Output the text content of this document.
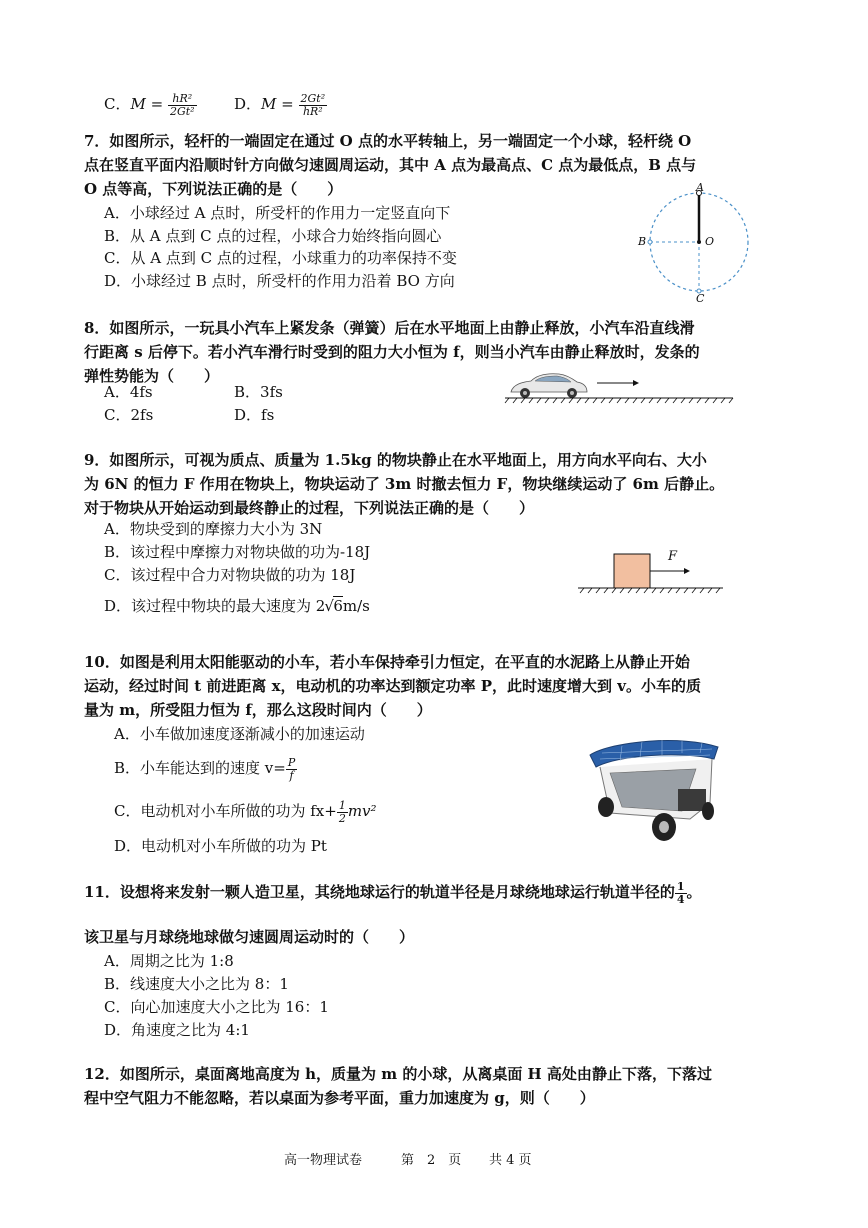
C．$M = \frac{\text{hR²}}{\text{2Gt²}}$ D．$M = \frac{\text{2Gt²}}{\text{hR²}}$
7．如图所示，轻杆的一端固定在通过 O 点的水平转轴上，另一端固定一个小球，轻杆绕 O
点在竖直平面内沿顺时针方向做匀速圆周运动，其中 A 点为最高点、C 点为最低点，B 点与
O 点等高，下列说法正确的是（　　）
A．小球经过 A 点时，所受杆的作用力一定竖直向下
B．从 A 点到 C 点的过程，小球合力始终指向圆心
C．从 A 点到 C 点的过程，小球重力的功率保持不变
D．小球经过 B 点时，所受杆的作用力沿着 BO 方向
A
B	O
C
8．如图所示，一玩具小汽车上紧发条（弹簧）后在水平地面上由静止释放，小汽车沿直线滑
行距离 s 后停下。若小汽车滑行时受到的阻力大小恒为 f，则当小汽车由静止释放时，发条的
弹性势能为（　　）
A．4fs	B．3fs
C．2fs	D．fs
9．如图所示，可视为质点、质量为 1.5kg 的物块静止在水平地面上，用方向水平向右、大小
为 6N 的恒力 F 作用在物块上，物块运动了 3m 时撤去恒力 F，物块继续运动了 6m 后静止。
对于物块从开始运动到最终静止的过程，下列说法正确的是（　　）
A．物块受到的摩擦力大小为 3N
B．该过程中摩擦力对物块做的功为-18J
C．该过程中合力对物块做的功为 18J
D．该过程中物块的最大速度为 2 √ 6m/s
F
10．如图是利用太阳能驱动的小车，若小车保持牵引力恒定，在平直的水泥路上从静止开始
运动，经过时间 t 前进距离 x，电动机的功率达到额定功率 P，此时速度增大到 v。小车的质
量为 m，所受阻力恒为 f，那么这段时间内（　　）
A．小车做加速度逐渐减小的加速运动
B．小车能达到的速度 $v= \frac{P}{f}$
C．电动机对小车所做的功为 $fx+ \frac{1}{2} mv^2$
D．电动机对小车所做的功为 Pt
11．设想将来发射一颗人造卫星，其绕地球运行的轨道半径是月球绕地球运行轨道半径的 $\frac{1}{4}$ 。
该卫星与月球绕地球做匀速圆周运动时的（　　）
A．周期之比为 1:8
B．线速度大小之比为 8：1
C．向心加速度大小之比为 16：1
D．角速度之比为 4:1
12．如图所示，桌面离地高度为 h，质量为 m 的小球，从离桌面 H 高处由静止下落，下落过
程中空气阻力不能忽略，若以桌面为参考平面，重力加速度为 g，则（　　）
高一物理试卷	第　2　页 共 4 页
